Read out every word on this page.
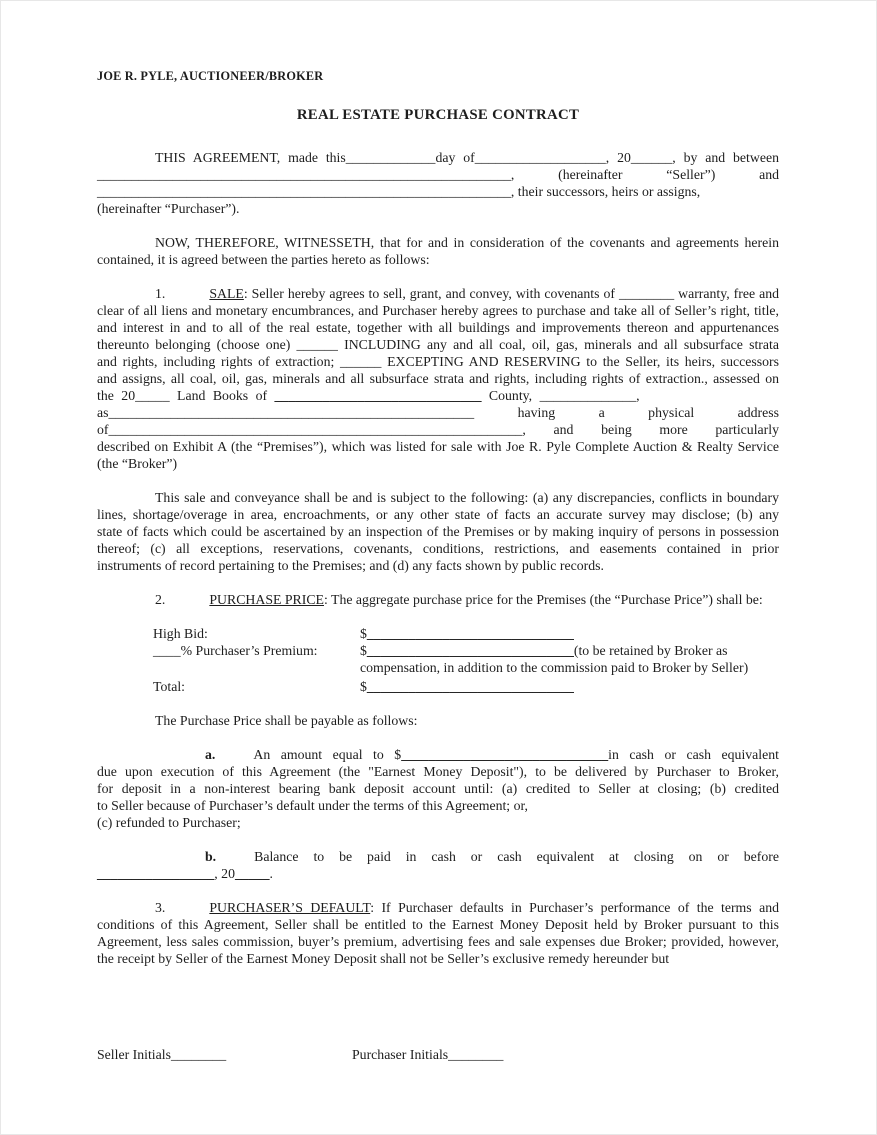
JOE R. PYLE, AUCTIONEER/BROKER
REAL ESTATE PURCHASE CONTRACT
THIS AGREEMENT, made this_____________day of___________________, 20______, by and between
____________________________________________________________, (hereinafter “Seller”) and
____________________________________________________________, their successors, heirs or assigns,
(hereinafter “Purchaser”).
NOW, THEREFORE, WITNESSETH, that for and in consideration of the covenants and agreements herein
contained, it is agreed between the parties hereto as follows:
1.	SALE: Seller hereby agrees to sell, grant, and convey, with covenants of ________ warranty, free and
clear of all liens and monetary encumbrances, and Purchaser hereby agrees to purchase and take all of Seller’s right, title,
and interest in and to all of the real estate, together with all buildings and improvements thereon and appurtenances
thereunto belonging (choose one) ______ INCLUDING any and all coal, oil, gas, minerals and all subsurface strata
and rights, including rights of extraction; ______ EXCEPTING AND RESERVING to the Seller, its heirs, successors
and assigns, all coal, oil, gas, minerals and all subsurface strata and rights, including rights of extraction., assessed on
the 20_____ Land Books of ______________________________ County, ______________,
as_____________________________________________________ having a physical address
of____________________________________________________________, and being more particularly
described on Exhibit A (the “Premises”), which was listed for sale with Joe R. Pyle Complete Auction & Realty Service
(the “Broker”)
This sale and conveyance shall be and is subject to the following: (a) any discrepancies, conflicts in boundary
lines, shortage/overage in area, encroachments, or any other state of facts an accurate survey may disclose; (b) any
state of facts which could be ascertained by an inspection of the Premises or by making inquiry of persons in possession
thereof; (c) all exceptions, reservations, covenants, conditions, restrictions, and easements contained in prior
instruments of record pertaining to the Premises; and (d) any facts shown by public records.
2.	PURCHASE PRICE: The aggregate purchase price for the Premises (the “Purchase Price”) shall be:
High Bid:	$______________________________
____% Purchaser’s Premium:	$______________________________(to be retained by Broker as
compensation, in addition to the commission paid to Broker by Seller)
Total:	$______________________________
The Purchase Price shall be payable as follows:
a.	An amount equal to $______________________________in cash or cash equivalent
due upon execution of this Agreement (the "Earnest Money Deposit"), to be delivered by Purchaser to Broker,
for deposit in a non-interest bearing bank deposit account until: (a) credited to Seller at closing; (b) credited
to Seller because of Purchaser’s default under the terms of this Agreement; or,
(c) refunded to Purchaser;
b.	Balance to be paid in cash or cash equivalent at closing on or before
_________________, 20_____.
3.	PURCHASER’S DEFAULT: If Purchaser defaults in Purchaser’s performance of the terms and
conditions of this Agreement, Seller shall be entitled to the Earnest Money Deposit held by Broker pursuant to this
Agreement, less sales commission, buyer’s premium, advertising fees and sale expenses due Broker; provided, however,
the receipt by Seller of the Earnest Money Deposit shall not be Seller’s exclusive remedy hereunder but
Seller Initials________	Purchaser Initials________
